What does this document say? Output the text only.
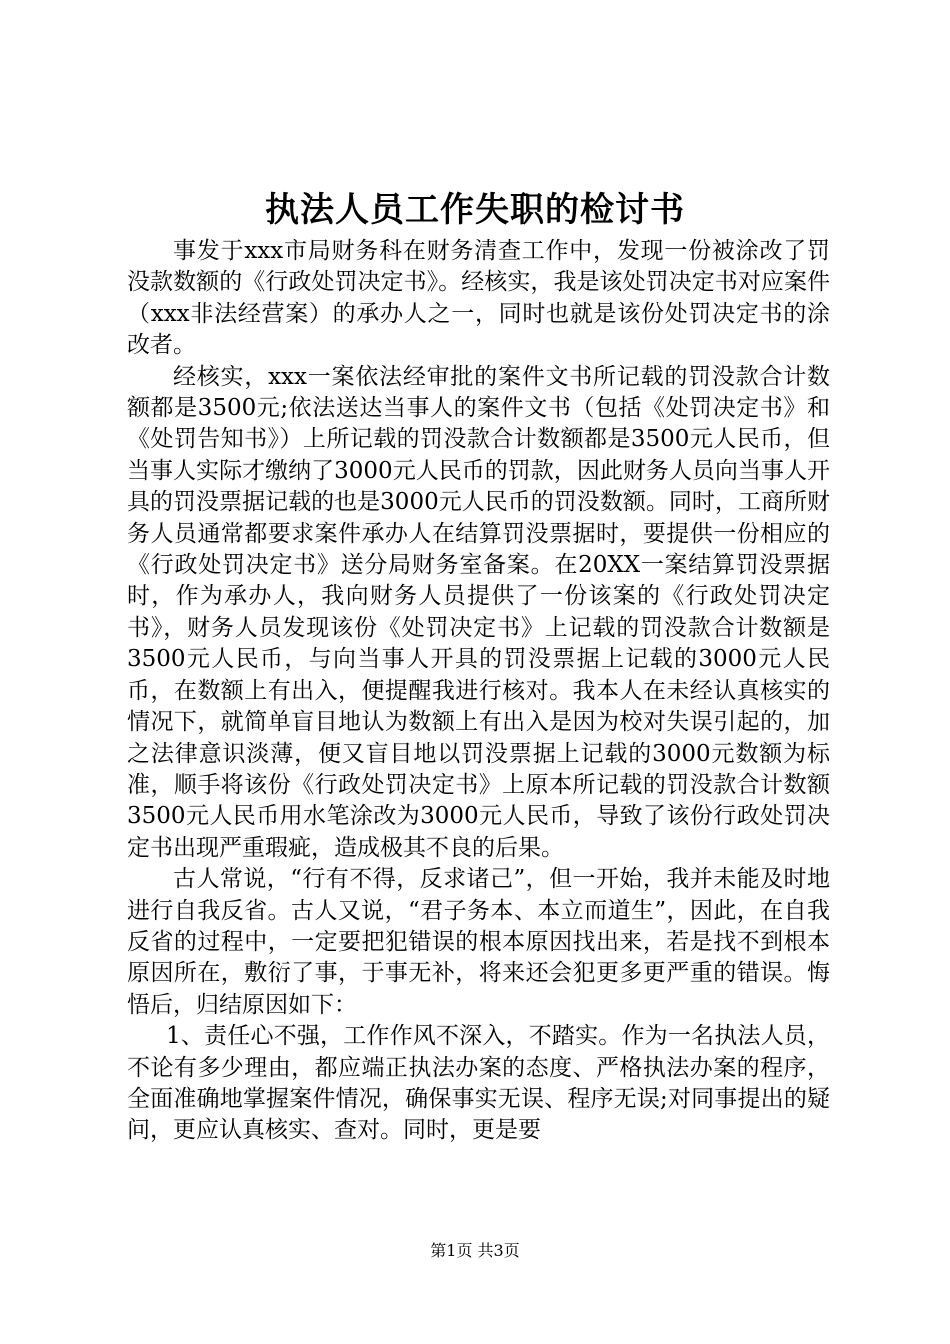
执法人员工作失职的检讨书

事发于xxx市局财务科在财务清查工作中，发现一份被涂改了罚没款数额的《行政处罚决定书》。经核实，我是该处罚决定书对应案件（xxx非法经营案）的承办人之一，同时也就是该份处罚决定书的涂改者。

经核实，xxx一案依法经审批的案件文书所记载的罚没款合计数额都是3500元;依法送达当事人的案件文书（包括《处罚决定书》和《处罚告知书》）上所记载的罚没款合计数额都是3500元人民币，但当事人实际才缴纳了3000元人民币的罚款，因此财务人员向当事人开具的罚没票据记载的也是3000元人民币的罚没数额。同时，工商所财务人员通常都要求案件承办人在结算罚没票据时，要提供一份相应的《行政处罚决定书》送分局财务室备案。在20XX一案结算罚没票据时，作为承办人，我向财务人员提供了一份该案的《行政处罚决定书》，财务人员发现该份《处罚决定书》上记载的罚没款合计数额是3500元人民币，与向当事人开具的罚没票据上记载的3000元人民币，在数额上有出入，便提醒我进行核对。我本人在未经认真核实的情况下，就简单盲目地认为数额上有出入是因为校对失误引起的，加之法律意识淡薄，便又盲目地以罚没票据上记载的3000元数额为标准，顺手将该份《行政处罚决定书》上原本所记载的罚没款合计数额3500元人民币用水笔涂改为3000元人民币，导致了该份行政处罚决定书出现严重瑕疵，造成极其不良的后果。

古人常说，“行有不得，反求诸己”，但一开始，我并未能及时地进行自我反省。古人又说，“君子务本、本立而道生”，因此，在自我反省的过程中，一定要把犯错误的根本原因找出来，若是找不到根本原因所在，敷衍了事，于事无补，将来还会犯更多更严重的错误。悔悟后，归结原因如下：

1、责任心不强，工作作风不深入，不踏实。作为一名执法人员，不论有多少理由，都应端正执法办案的态度、严格执法办案的程序，全面准确地掌握案件情况，确保事实无误、程序无误;对同事提出的疑问，更应认真核实、查对。同时，更是要

第1页 共3页
